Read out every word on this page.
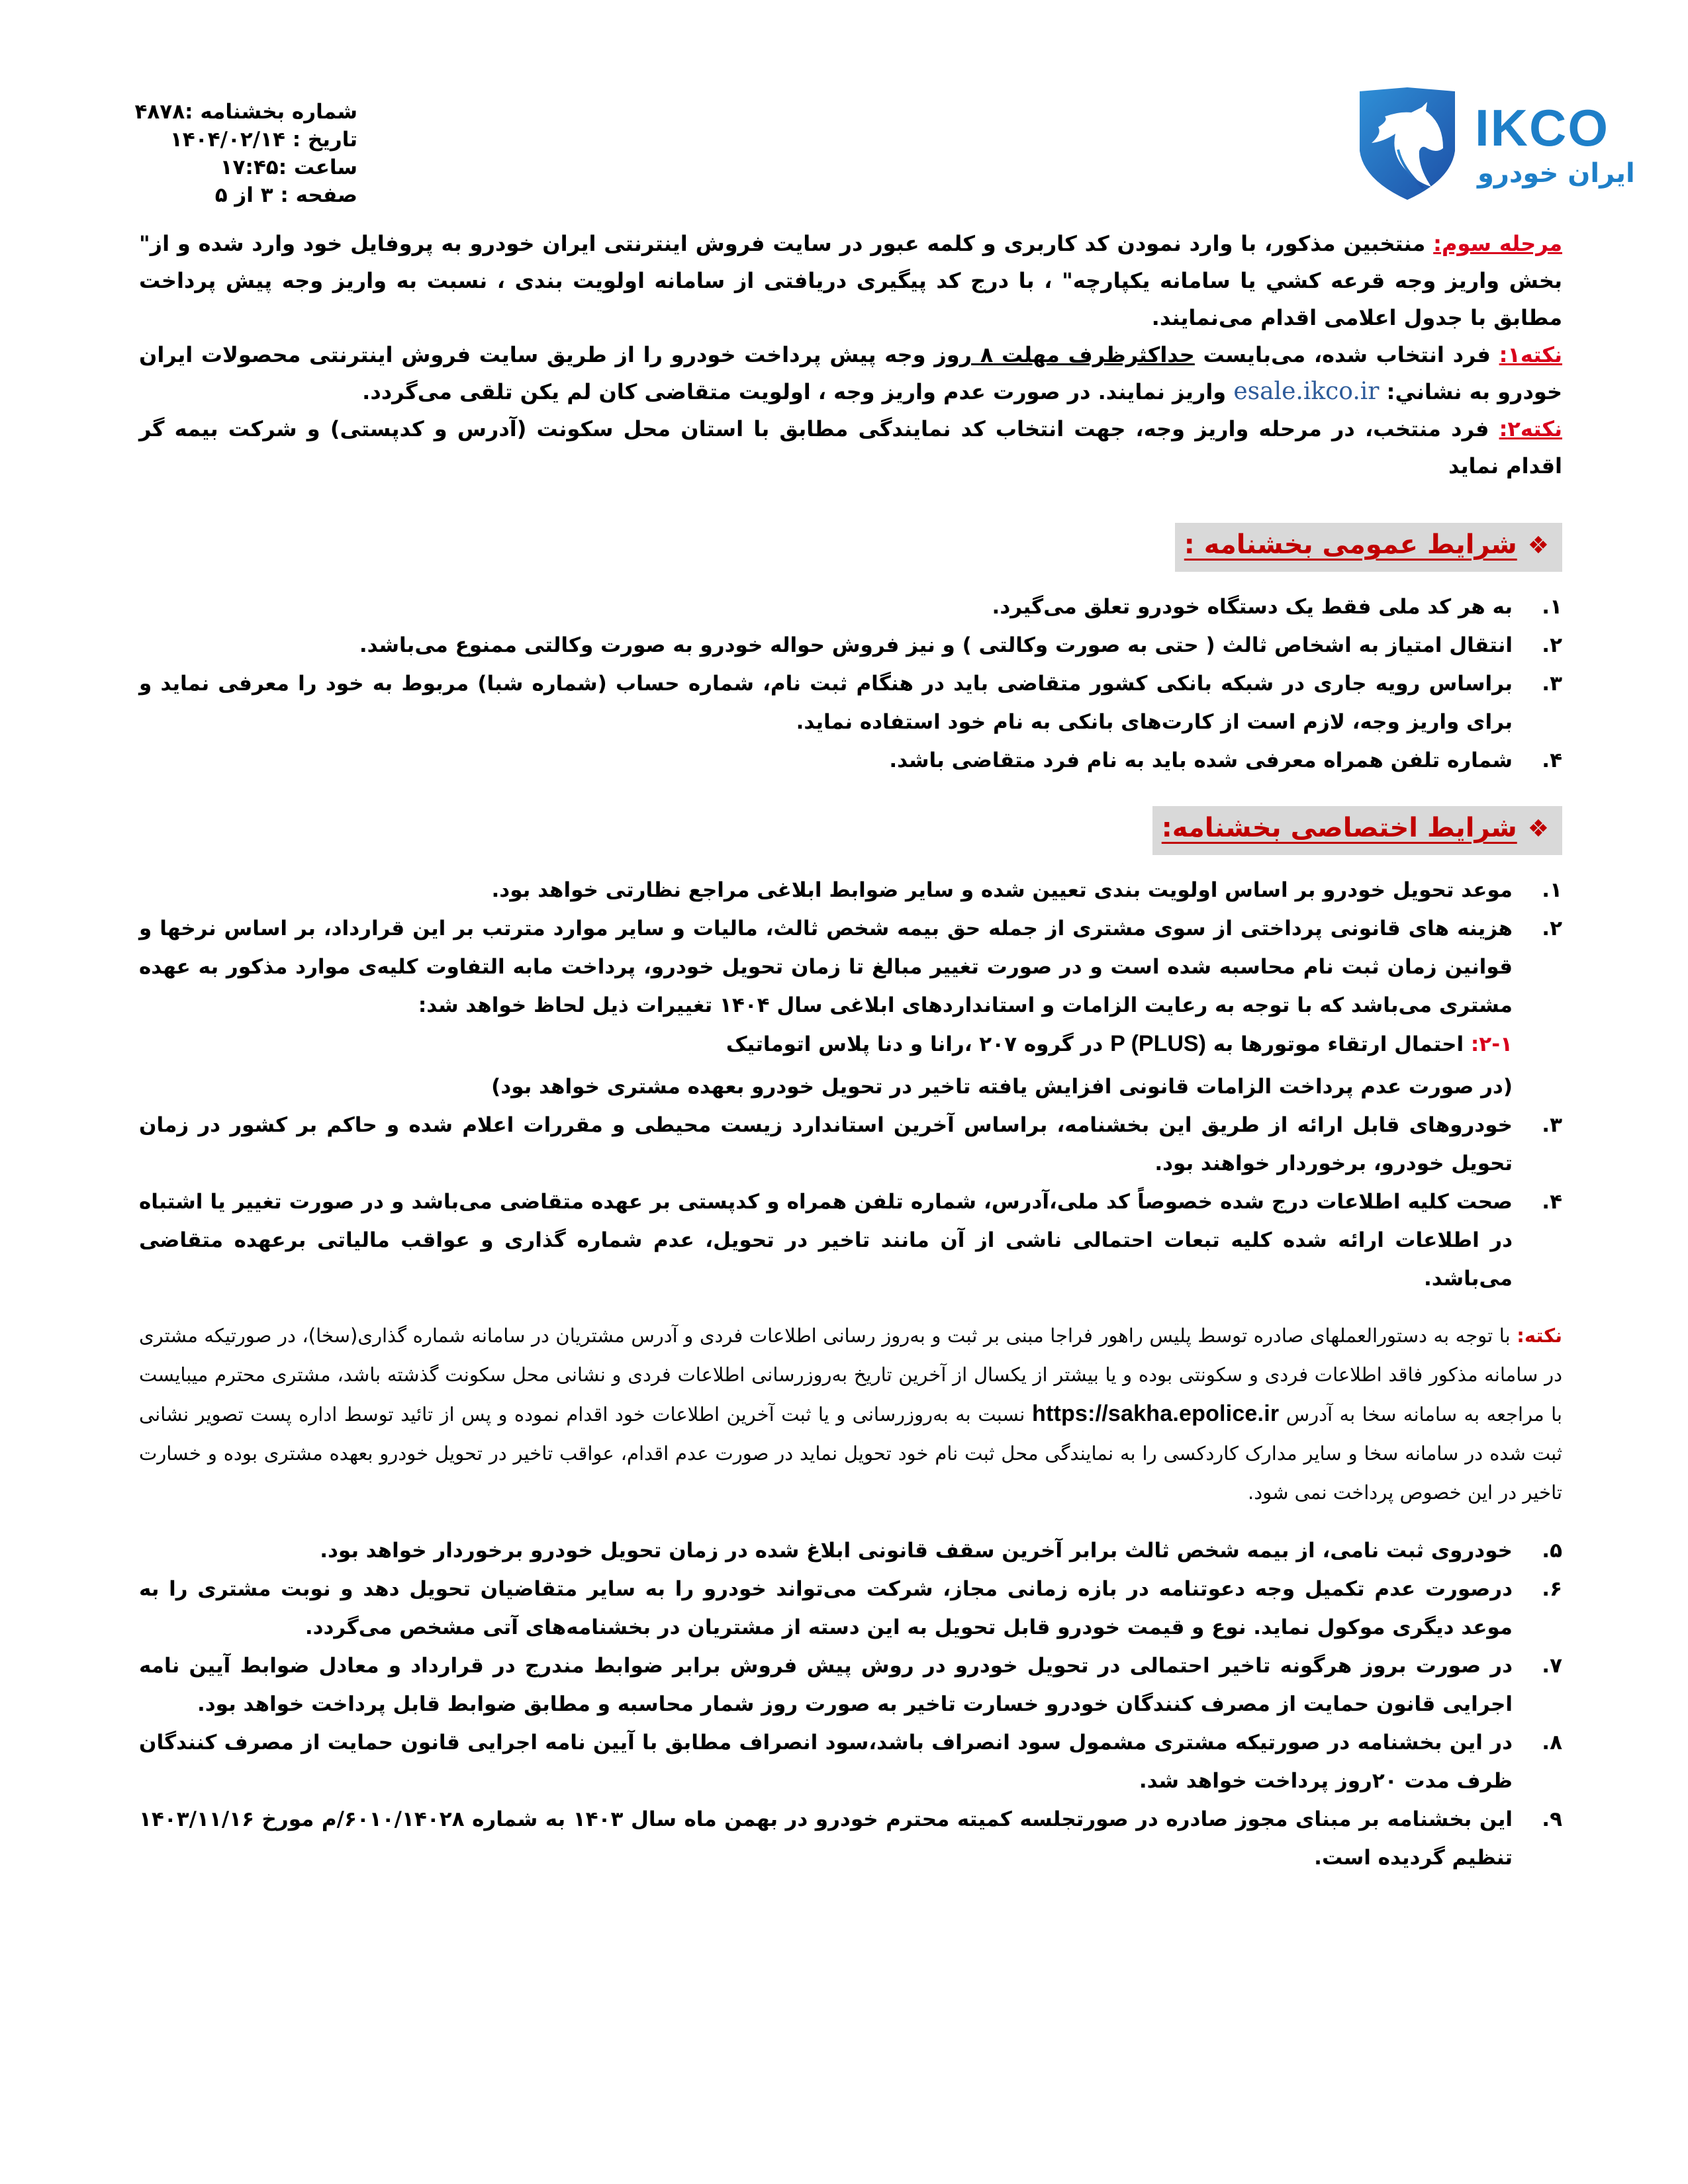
شماره بخشنامه :۴۸۷۸
تاریخ : ۱۴۰۴/۰۲/۱۴
ساعت :۱۷:۴۵
صفحه : ۳ از ۵
IKCO
ایران خودرو

مرحله سوم: منتخبین مذکور، با وارد نمودن کد کاربری و کلمه عبور در سایت فروش اینترنتی ایران خودرو به پروفایل خود وارد شده و از" بخش واریز وجه قرعه کشي يا سامانه یکپارچه" ، با درج کد پیگیری دریافتی از سامانه اولویت بندی ، نسبت به واریز وجه پیش پرداخت مطابق با جدول اعلامی اقدام می‌نمایند.

نکته۱: فرد انتخاب شده، می‌بایست حداکثرظرف مهلت ۸ روز وجه پیش پرداخت خودرو را از طریق سایت فروش اینترنتی محصولات ایران خودرو به نشاني: esale.ikco.ir واریز نمایند. در صورت عدم واریز وجه ، اولویت متقاضی کان لم یکن تلقی می‌گردد.

نکته۲: فرد منتخب، در مرحله واریز وجه، جهت انتخاب کد نمایندگی مطابق با استان محل سکونت (آدرس و کدپستی) و شرکت بیمه گر اقدام نماید

❖شرایط عمومی بخشنامه :
۱.
به هر کد ملی فقط یک دستگاه خودرو تعلق می‌گیرد.
۲.
انتقال امتیاز به اشخاص ثالث ( حتی به صورت وکالتی ) و نیز فروش حواله خودرو به صورت وکالتی ممنوع می‌باشد.
۳.
براساس رویه جاری در شبکه بانکی کشور متقاضی باید در هنگام ثبت نام، شماره حساب (شماره شبا) مربوط به خود را معرفی نماید و برای واریز وجه، لازم است از کارت‌های بانکی به نام خود استفاده نماید.
۴.
شماره تلفن همراه معرفی شده باید به نام فرد متقاضی باشد.
❖شرایط اختصاصی بخشنامه:
۱.
موعد تحویل خودرو بر اساس اولویت بندی تعیین شده و سایر ضوابط ابلاغی مراجع نظارتی خواهد بود.
۲.
هزینه های قانونی پرداختی از سوی مشتری از جمله حق بیمه شخص ثالث، مالیات و سایر موارد مترتب بر این قرارداد، بر اساس نرخها و قوانین زمان ثبت نام محاسبه شده است و در صورت تغییر مبالغ تا زمان تحویل خودرو، پرداخت مابه التفاوت کلیه‌ی موارد مذکور به عهده مشتری می‌باشد که با توجه به رعایت الزامات و استانداردهای ابلاغی سال ۱۴۰۴ تغییرات ذیل لحاظ خواهد شد:
۲-۱: احتمال ارتقاء موتورها به P (PLUS) در گروه ۲۰۷ ،رانا و دنا پلاس اتوماتیک
(در صورت عدم پرداخت الزامات قانونی افزایش یافته تاخیر در تحویل خودرو بعهده مشتری خواهد بود)
۳.
خودروهای قابل ارائه از طریق این بخشنامه، براساس آخرین استاندارد زیست محیطی و مقررات اعلام شده و حاکم بر کشور در زمان تحویل خودرو، برخوردار خواهند بود.
۴.
صحت کلیه اطلاعات درج شده خصوصاً کد ملی،آدرس، شماره تلفن همراه و کدپستی بر عهده متقاضی می‌باشد و در صورت تغییر یا اشتباه در اطلاعات ارائه شده کلیه تبعات احتمالی ناشی از آن مانند تاخیر در تحویل، عدم شماره گذاری و عواقب مالیاتی برعهده متقاضی می‌باشد.

نکته: با توجه به دستورالعملهای صادره توسط پلیس راهور فراجا مبنی بر ثبت و به‌روز رسانی اطلاعات فردی و آدرس مشتریان در سامانه شماره گذاری(سخا)، در صورتیکه مشتری در سامانه مذکور فاقد اطلاعات فردی و سکونتی بوده و یا بیشتر از یکسال از آخرین تاریخ به‌روزرسانی اطلاعات فردی و نشانی محل سکونت گذشته باشد، مشتری محترم میبایست با مراجعه به سامانه سخا به آدرس https://sakha.epolice.ir نسبت به به‌روزرسانی و یا ثبت آخرین اطلاعات خود اقدام نموده و پس از تائید توسط اداره پست تصویر نشانی ثبت شده در سامانه سخا و سایر مدارک کاردکسی را به نمایندگی محل ثبت نام خود تحویل نماید در صورت عدم اقدام، عواقب تاخیر در تحویل خودرو بعهده مشتری بوده و خسارت تاخیر در این خصوص پرداخت نمی شود.

۵.
خودروی ثبت نامی، از بیمه شخص ثالث برابر آخرین سقف قانونی ابلاغ شده در زمان تحویل خودرو برخوردار خواهد بود.
۶.
درصورت عدم تکمیل وجه دعوتنامه در بازه زمانی مجاز، شرکت می‌تواند خودرو را به سایر متقاضیان تحویل دهد و نوبت مشتری را به موعد دیگری موکول نماید. نوع و قیمت خودرو قابل تحویل به این دسته از مشتریان در بخشنامه‌های آتی مشخص می‌گردد.
۷.
در صورت بروز هرگونه تاخیر احتمالی در تحویل خودرو در روش پیش فروش برابر ضوابط مندرج در قرارداد و معادل ضوابط آیین نامه اجرایی قانون حمایت از مصرف کنندگان خودرو خسارت تاخیر به صورت روز شمار محاسبه و مطابق ضوابط قابل پرداخت خواهد بود.
۸.
در این بخشنامه در صورتیکه مشتری مشمول سود انصراف باشد،سود انصراف مطابق با آیین نامه اجرایی قانون حمایت از مصرف کنندگان ظرف مدت ۲۰روز پرداخت خواهد شد.
۹.
این بخشنامه بر مبنای مجوز صادره در صورتجلسه کمیته محترم خودرو در بهمن ماه سال ۱۴۰۳ به شماره ۶۰۱۰/۱۴۰۲۸/م مورخ ۱۴۰۳/۱۱/۱۶ تنظیم گردیده است.
